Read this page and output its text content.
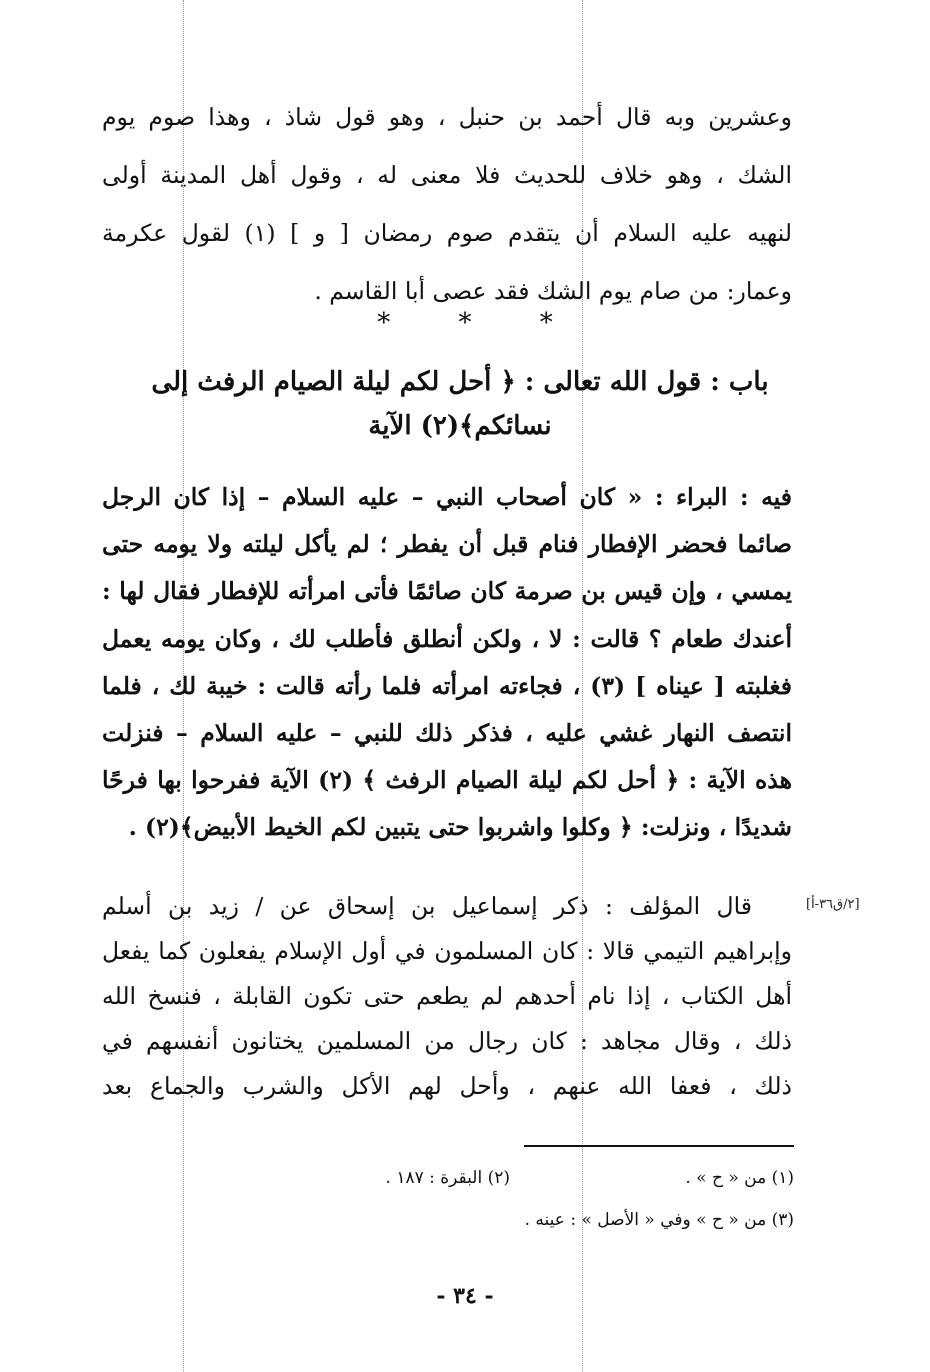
وعشرين وبه قال أحمد بن حنبل ، وهو قول شاذ ، وهذا صوم يوم
الشك ، وهو خلاف للحديث فلا معنى له ، وقول أهل المدينة أولى
لنهيه عليه السلام أن يتقدم صوم رمضان [ و ] (١) لقول عكرمة
وعمار: من صام يوم الشك فقد عصى أبا القاسم .
*	*	*
باب : قول الله تعالى : ﴿ أحل لكم ليلة الصيام الرفث إلى
نسائكم﴾(٢) الآية
فيه : البراء : « كان أصحاب النبي – عليه السلام – إذا كان الرجل
صائما فحضر الإفطار فنام قبل أن يفطر ؛ لم يأكل ليلته ولا يومه حتى
يمسي ، وإن قيس بن صرمة كان صائمًا فأتى امرأته للإفطار فقال لها :
أعندك طعام ؟ قالت : لا ، ولكن أنطلق فأطلب لك ، وكان يومه يعمل
فغلبته [ عيناه ] (٣) ، فجاءته امرأته فلما رأته قالت : خيبة لك ، فلما
انتصف النهار غشي عليه ، فذكر ذلك للنبي – عليه السلام – فنزلت
هذه الآية : ﴿ أحل لكم ليلة الصيام الرفث ﴾ (٢) الآية ففرحوا بها فرحًا
شديدًا ، ونزلت: ﴿ وكلوا واشربوا حتى يتبين لكم الخيط الأبيض﴾(٢) .
[٢/ق٣٦-أ]
قال المؤلف : ذكر إسماعيل بن إسحاق عن / زيد بن أسلم
وإبراهيم التيمي قالا : كان المسلمون في أول الإسلام يفعلون كما يفعل
أهل الكتاب ، إذا نام أحدهم لم يطعم حتى تكون القابلة ، فنسخ الله
ذلك ، وقال مجاهد : كان رجال من المسلمين يختانون أنفسهم في
ذلك ، فعفا الله عنهم ، وأحل لهم الأكل والشرب والجماع بعد
(١) من « ح » .
(٢) البقرة : ١٨٧ .
(٣) من « ح » وفي « الأصل » : عينه .
- ٣٤ -
